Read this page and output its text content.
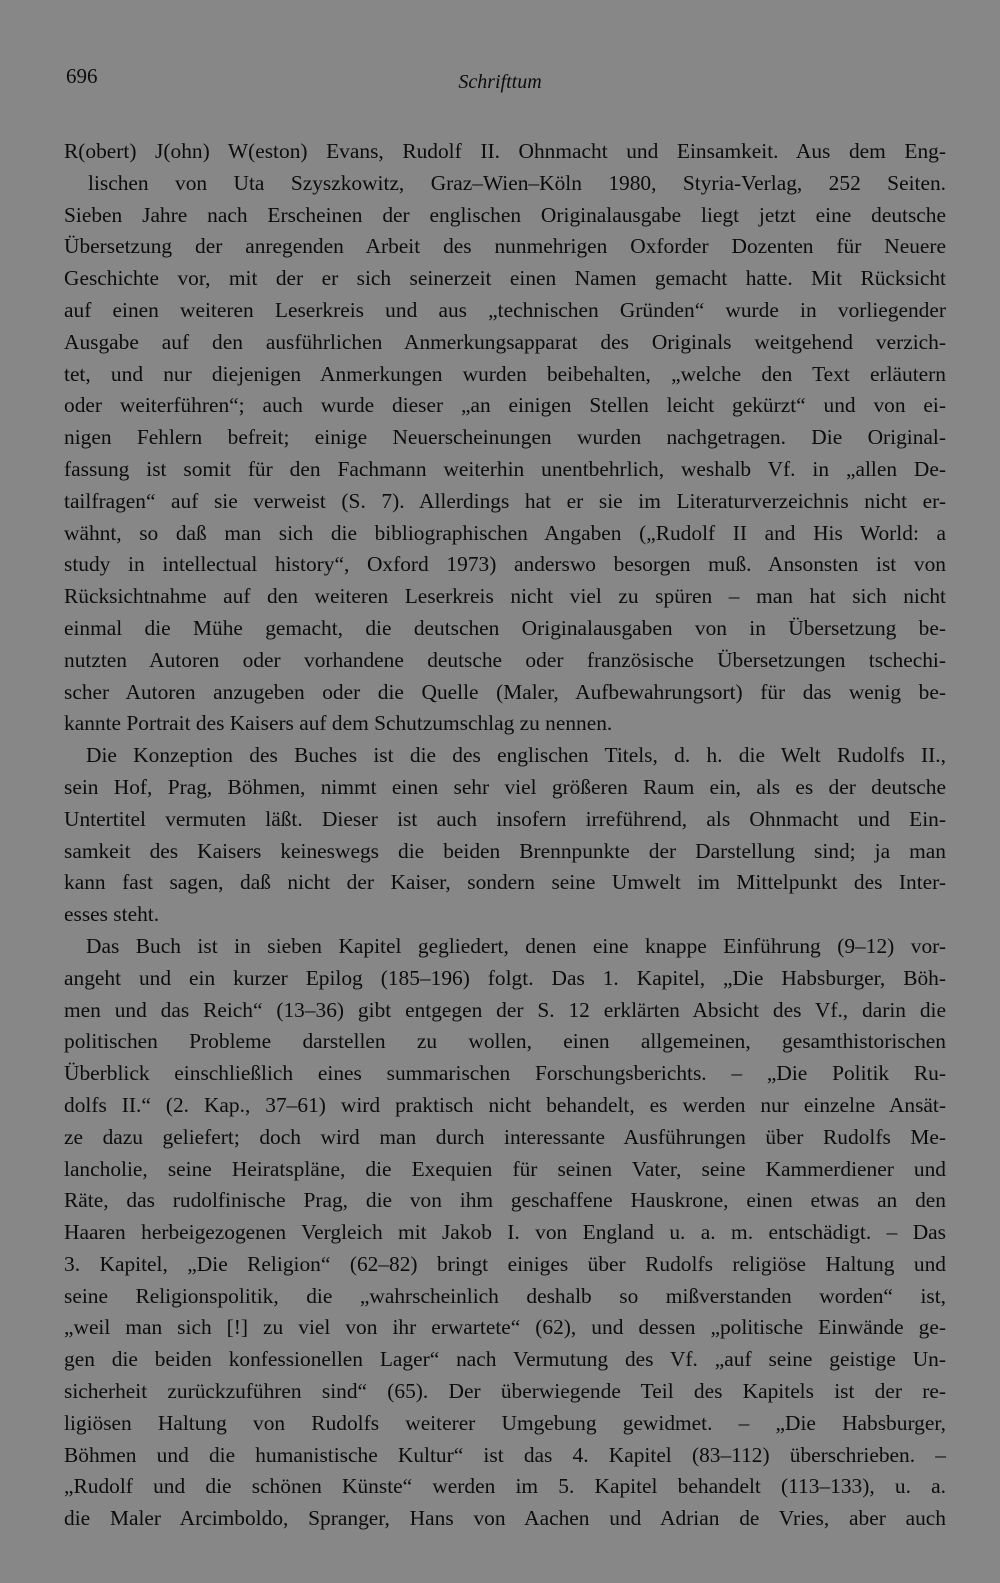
696	Schrifttum
R(obert) J(ohn) W(eston) Evans, Rudolf II. Ohnmacht und Einsamkeit. Aus dem Eng-
lischen von Uta Szyszkowitz, Graz–Wien–Köln 1980, Styria-Verlag, 252 Seiten.
Sieben Jahre nach Erscheinen der englischen Originalausgabe liegt jetzt eine deutsche
Übersetzung der anregenden Arbeit des nunmehrigen Oxforder Dozenten für Neuere
Geschichte vor, mit der er sich seinerzeit einen Namen gemacht hatte. Mit Rücksicht
auf einen weiteren Leserkreis und aus „technischen Gründen“ wurde in vorliegender
Ausgabe auf den ausführlichen Anmerkungsapparat des Originals weitgehend verzich-
tet, und nur diejenigen Anmerkungen wurden beibehalten, „welche den Text erläutern
oder weiterführen“; auch wurde dieser „an einigen Stellen leicht gekürzt“ und von ei-
nigen Fehlern befreit; einige Neuerscheinungen wurden nachgetragen. Die Original-
fassung ist somit für den Fachmann weiterhin unentbehrlich, weshalb Vf. in „allen De-
tailfragen“ auf sie verweist (S. 7). Allerdings hat er sie im Literaturverzeichnis nicht er-
wähnt, so daß man sich die bibliographischen Angaben („Rudolf II and His World: a
study in intellectual history“, Oxford 1973) anderswo besorgen muß. Ansonsten ist von
Rücksichtnahme auf den weiteren Leserkreis nicht viel zu spüren – man hat sich nicht
einmal die Mühe gemacht, die deutschen Originalausgaben von in Übersetzung be-
nutzten Autoren oder vorhandene deutsche oder französische Übersetzungen tschechi-
scher Autoren anzugeben oder die Quelle (Maler, Aufbewahrungsort) für das wenig be-
kannte Portrait des Kaisers auf dem Schutzumschlag zu nennen.
Die Konzeption des Buches ist die des englischen Titels, d. h. die Welt Rudolfs II.,
sein Hof, Prag, Böhmen, nimmt einen sehr viel größeren Raum ein, als es der deutsche
Untertitel vermuten läßt. Dieser ist auch insofern irreführend, als Ohnmacht und Ein-
samkeit des Kaisers keineswegs die beiden Brennpunkte der Darstellung sind; ja man
kann fast sagen, daß nicht der Kaiser, sondern seine Umwelt im Mittelpunkt des Inter-
esses steht.
Das Buch ist in sieben Kapitel gegliedert, denen eine knappe Einführung (9–12) vor-
angeht und ein kurzer Epilog (185–196) folgt. Das 1. Kapitel, „Die Habsburger, Böh-
men und das Reich“ (13–36) gibt entgegen der S. 12 erklärten Absicht des Vf., darin die
politischen Probleme darstellen zu wollen, einen allgemeinen, gesamthistorischen
Überblick einschließlich eines summarischen Forschungsberichts. – „Die Politik Ru-
dolfs II.“ (2. Kap., 37–61) wird praktisch nicht behandelt, es werden nur einzelne Ansät-
ze dazu geliefert; doch wird man durch interessante Ausführungen über Rudolfs Me-
lancholie, seine Heiratspläne, die Exequien für seinen Vater, seine Kammerdiener und
Räte, das rudolfinische Prag, die von ihm geschaffene Hauskrone, einen etwas an den
Haaren herbeigezogenen Vergleich mit Jakob I. von England u. a. m. entschädigt. – Das
3. Kapitel, „Die Religion“ (62–82) bringt einiges über Rudolfs religiöse Haltung und
seine Religionspolitik, die „wahrscheinlich deshalb so mißverstanden worden“ ist,
„weil man sich [!] zu viel von ihr erwartete“ (62), und dessen „politische Einwände ge-
gen die beiden konfessionellen Lager“ nach Vermutung des Vf. „auf seine geistige Un-
sicherheit zurückzuführen sind“ (65). Der überwiegende Teil des Kapitels ist der re-
ligiösen Haltung von Rudolfs weiterer Umgebung gewidmet. – „Die Habsburger,
Böhmen und die humanistische Kultur“ ist das 4. Kapitel (83–112) überschrieben. –
„Rudolf und die schönen Künste“ werden im 5. Kapitel behandelt (113–133), u. a.
die Maler Arcimboldo, Spranger, Hans von Aachen und Adrian de Vries, aber auch
